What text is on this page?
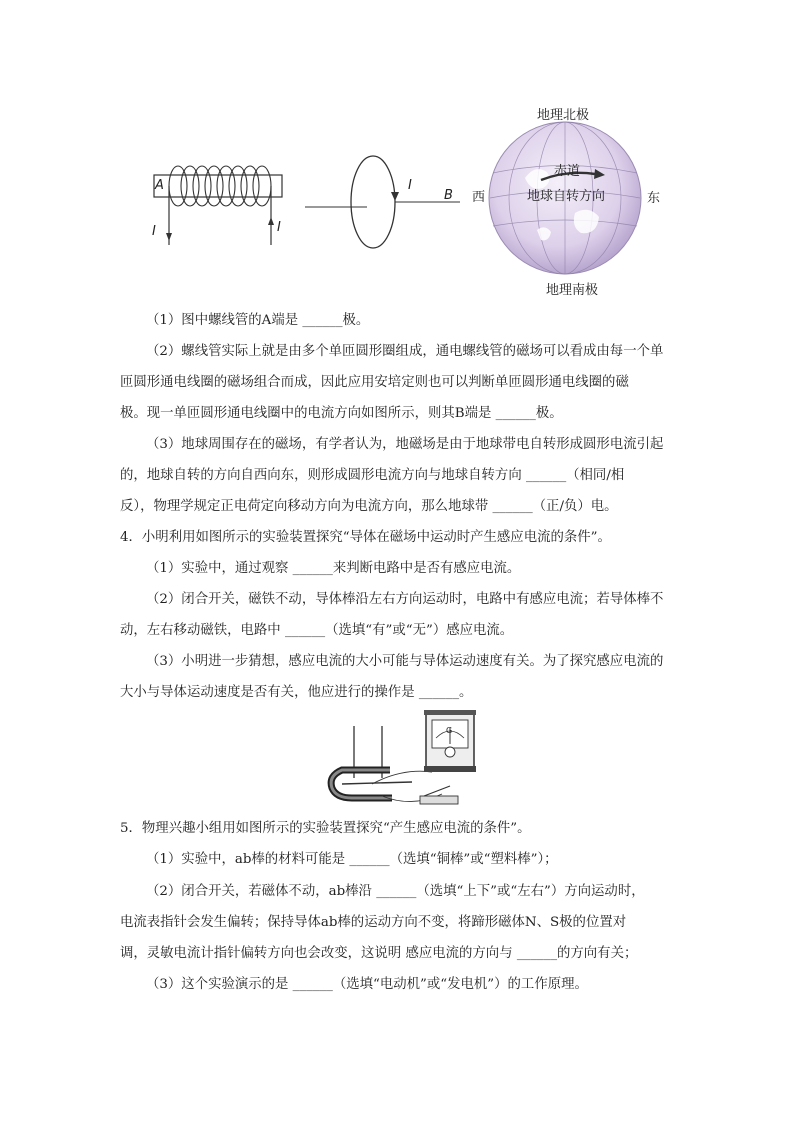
A
I	I
I
B
地理北极
地理南极
赤道
地球自转方向
西	东
（1）图中螺线管的A端是 ______极。
（2）螺线管实际上就是由多个单匝圆形圈组成，通电螺线管的磁场可以看成由每一个单
匝圆形通电线圈的磁场组合而成，因此应用安培定则也可以判断单匝圆形通电线圈的磁
极。现一单匝圆形通电线圈中的电流方向如图所示，则其B端是 ______极。
（3）地球周围存在的磁场，有学者认为，地磁场是由于地球带电自转形成圆形电流引起
的，地球自转的方向自西向东，则形成圆形电流方向与地球自转方向 ______（相同/相
反），物理学规定正电荷定向移动方向为电流方向，那么地球带 ______（正/负）电。
4．小明利用如图所示的实验装置探究“导体在磁场中运动时产生感应电流的条件”。
（1）实验中，通过观察 ______来判断电路中是否有感应电流。
（2）闭合开关，磁铁不动，导体棒沿左右方向运动时，电路中有感应电流；若导体棒不
动，左右移动磁铁，电路中 ______（选填“有”或“无”）感应电流。
（3）小明进一步猜想，感应电流的大小可能与导体运动速度有关。为了探究感应电流的
大小与导体运动速度是否有关，他应进行的操作是 ______。
G
5．物理兴趣小组用如图所示的实验装置探究“产生感应电流的条件”。
（1）实验中，ab棒的材料可能是 ______（选填“铜棒”或“塑料棒”）；
（2）闭合开关，若磁体不动，ab棒沿 ______（选填“上下”或“左右”）方向运动时，
电流表指针会发生偏转；保持导体ab棒的运动方向不变，将蹄形磁体N、S极的位置对
调，灵敏电流计指针偏转方向也会改变，这说明 感应电流的方向与 ______的方向有关；
（3）这个实验演示的是 ______（选填“电动机”或“发电机”）的工作原理。
